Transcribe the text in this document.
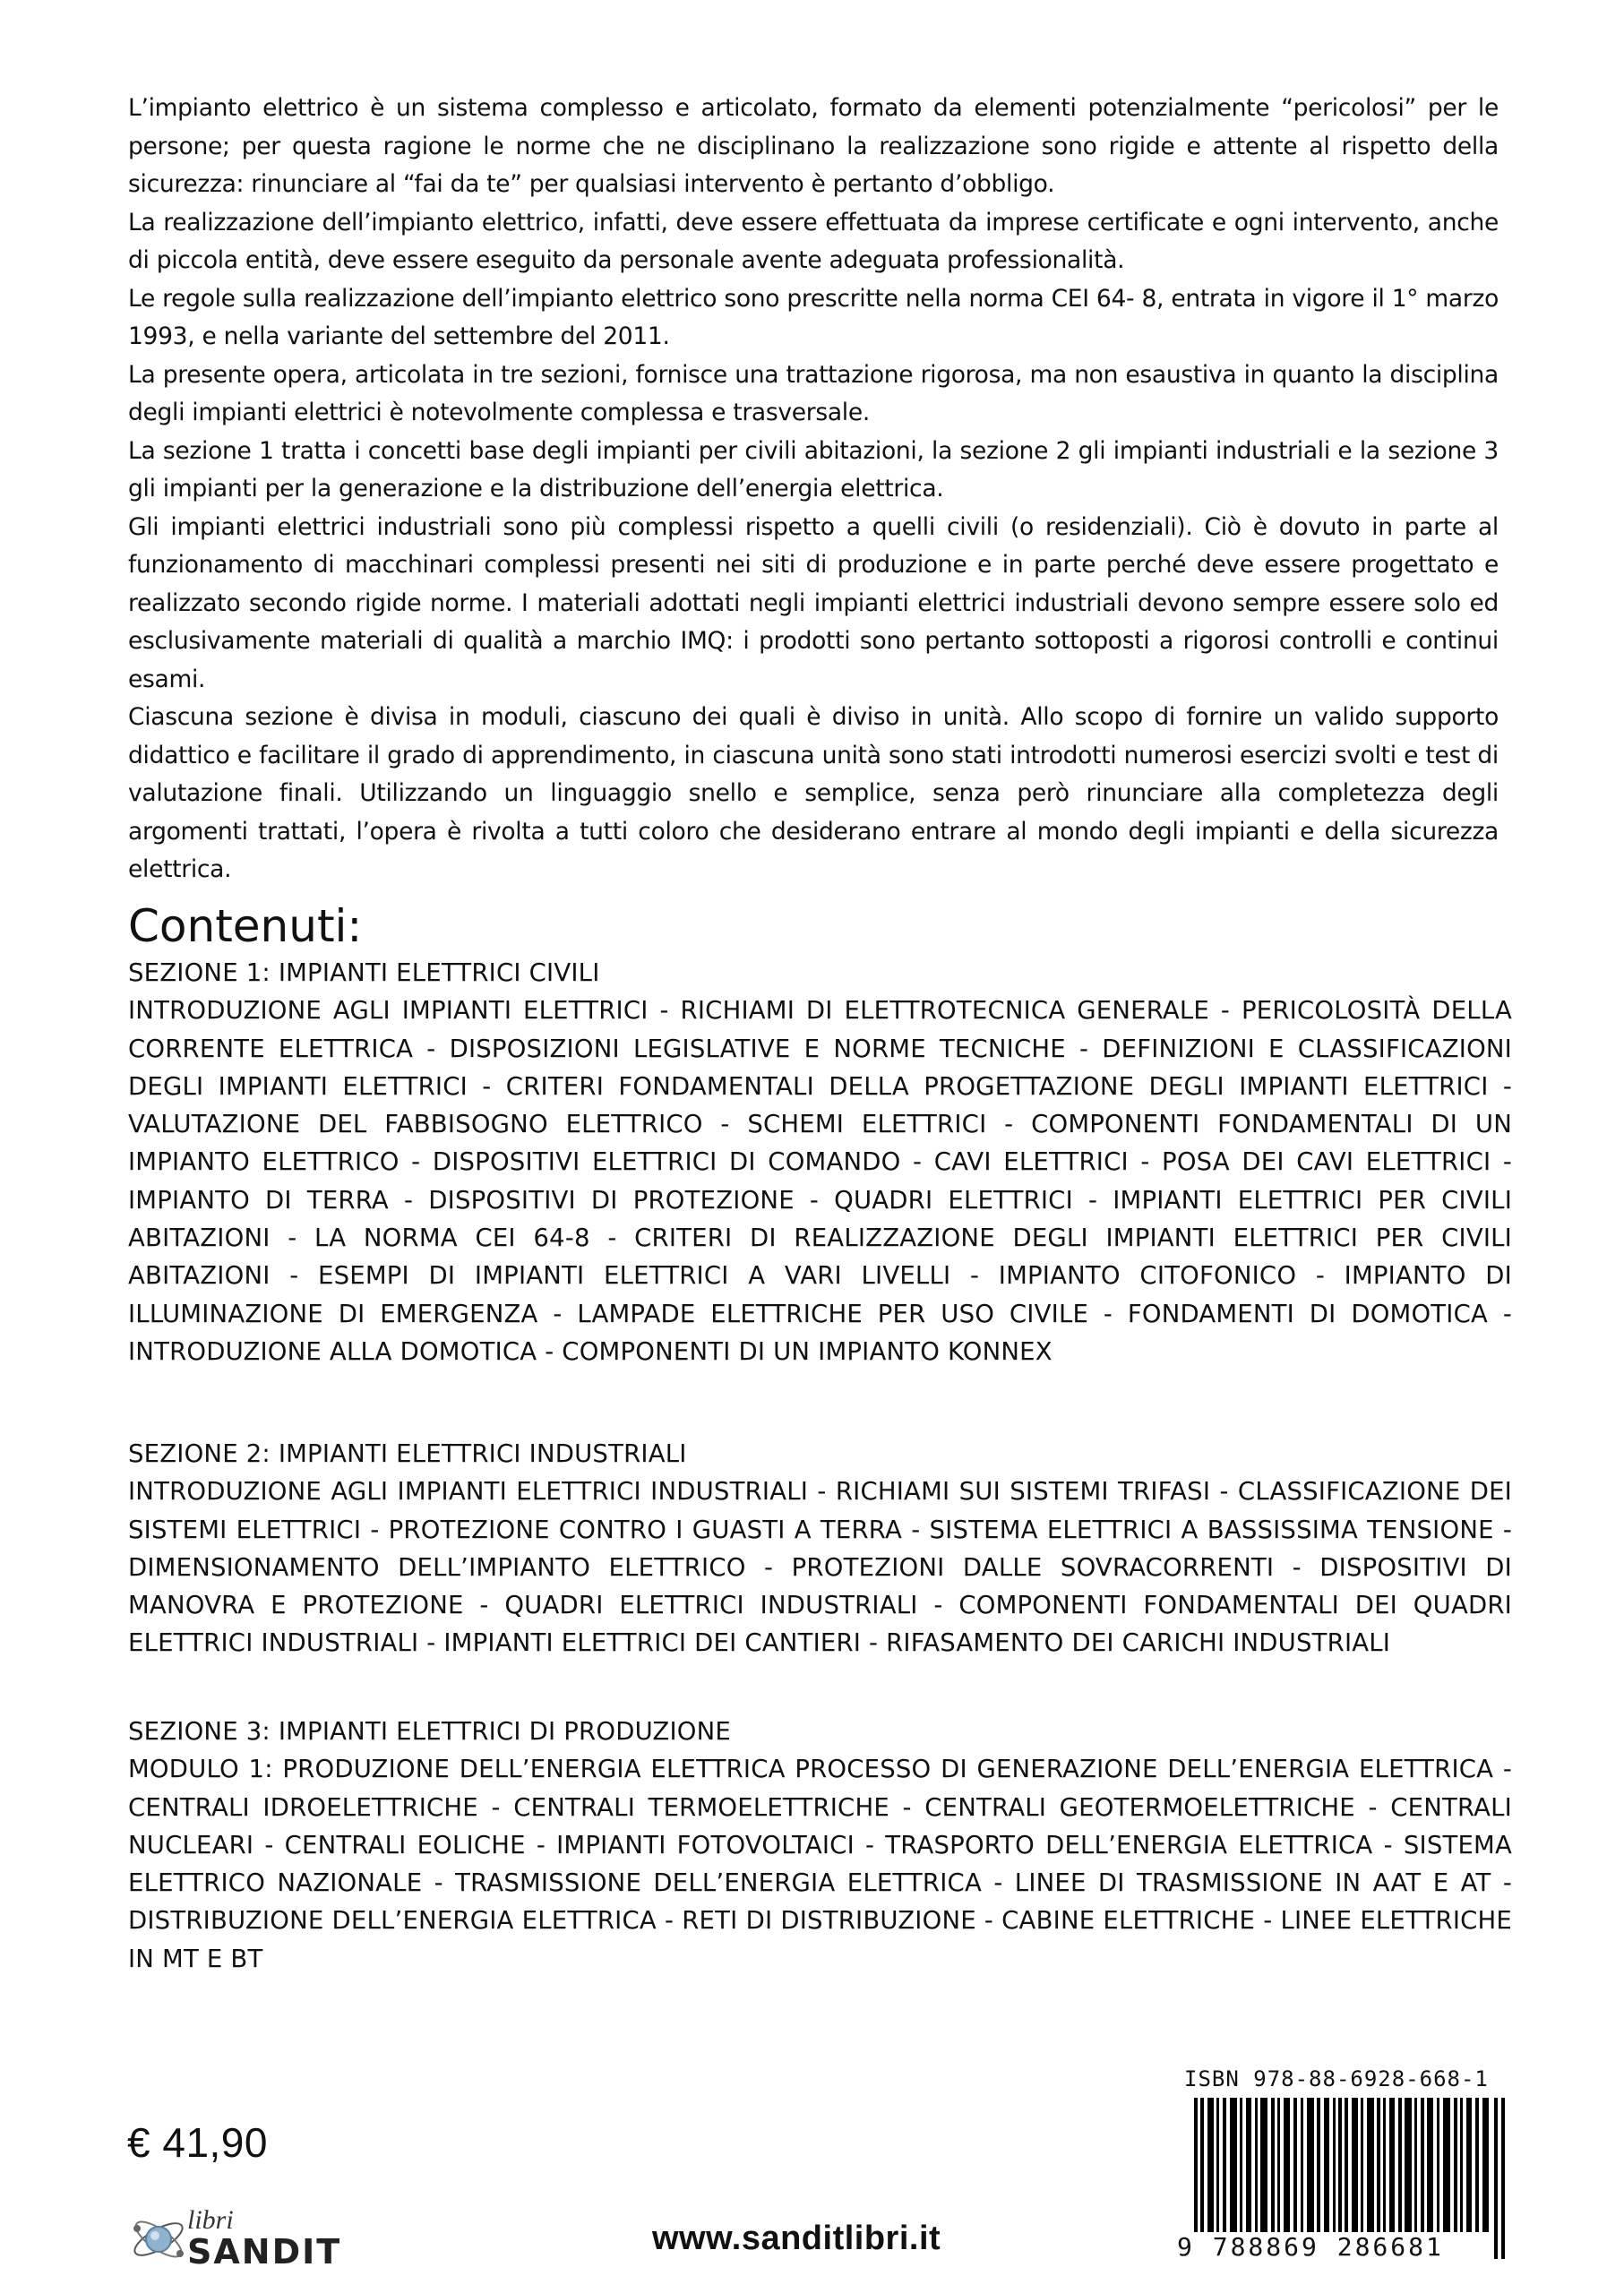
L’impianto elettrico è un sistema complesso e articolato, formato da elementi potenzialmente “pericolosi” per le persone; per questa ragione le norme che ne disciplinano la realizzazione sono rigide e attente al rispetto della sicurezza: rinunciare al “fai da te” per qualsiasi intervento è pertanto d’obbligo.

La realizzazione dell’impianto elettrico, infatti, deve essere effettuata da imprese certificate e ogni intervento, anche di piccola entità, deve essere eseguito da personale avente adeguata professionalità.

Le regole sulla realizzazione dell’impianto elettrico sono prescritte nella norma CEI 64- 8, entrata in vigore il 1° marzo 1993, e nella variante del settembre del 2011.

La presente opera, articolata in tre sezioni, fornisce una trattazione rigorosa, ma non esaustiva in quanto la disciplina degli impianti elettrici è notevolmente complessa e trasversale.

La sezione 1 tratta i concetti base degli impianti per civili abitazioni, la sezione 2 gli impianti industriali e la sezione 3 gli impianti per la generazione e la distribuzione dell’energia elettrica.

Gli impianti elettrici industriali sono più complessi rispetto a quelli civili (o residenziali). Ciò è dovuto in parte al funzionamento di macchinari complessi presenti nei siti di produzione e in parte perché deve essere progettato e realizzato secondo rigide norme. I materiali adottati negli impianti elettrici industriali devono sempre essere solo ed esclusivamente materiali di qualità a marchio IMQ: i prodotti sono pertanto sottoposti a rigorosi controlli e continui esami.

Ciascuna sezione è divisa in moduli, ciascuno dei quali è diviso in unità. Allo scopo di fornire un valido supporto didattico e facilitare il grado di apprendimento, in ciascuna unità sono stati introdotti numerosi esercizi svolti e test di valutazione finali. Utilizzando un linguaggio snello e semplice, senza però rinunciare alla completezza degli argomenti trattati, l’opera è rivolta a tutti coloro che desiderano entrare al mondo degli impianti e della sicurezza elettrica.

Contenuti:
SEZIONE 1: IMPIANTI ELETTRICI CIVILI
INTRODUZIONE AGLI IMPIANTI ELETTRICI - RICHIAMI DI ELETTROTECNICA GENERALE - PERICOLOSITÀ DELLA CORRENTE ELETTRICA - DISPOSIZIONI LEGISLATIVE E NORME TECNICHE - DEFINIZIONI E CLASSIFICAZIONI DEGLI IMPIANTI ELETTRICI - CRITERI FONDAMENTALI DELLA PROGETTAZIONE DEGLI IMPIANTI ELETTRICI - VALUTAZIONE DEL FABBISOGNO ELETTRICO - SCHEMI ELETTRICI - COMPONENTI FONDAMENTALI DI UN IMPIANTO ELETTRICO - DISPOSITIVI ELETTRICI DI COMANDO - CAVI ELETTRICI - POSA DEI CAVI ELETTRICI - IMPIANTO DI TERRA - DISPOSITIVI DI PROTEZIONE - QUADRI ELETTRICI - IMPIANTI ELETTRICI PER CIVILI ABITAZIONI - LA NORMA CEI 64-8 - CRITERI DI REALIZZAZIONE DEGLI IMPIANTI ELETTRICI PER CIVILI ABITAZIONI - ESEMPI DI IMPIANTI ELETTRICI A VARI LIVELLI - IMPIANTO CITOFONICO - IMPIANTO DI ILLUMINAZIONE DI EMERGENZA - LAMPADE ELETTRICHE PER USO CIVILE - FONDAMENTI DI DOMOTICA - INTRODUZIONE ALLA DOMOTICA - COMPONENTI DI UN IMPIANTO KONNEX
SEZIONE 2: IMPIANTI ELETTRICI INDUSTRIALI
INTRODUZIONE AGLI IMPIANTI ELETTRICI INDUSTRIALI - RICHIAMI SUI SISTEMI TRIFASI - CLASSIFICAZIONE DEI SISTEMI ELETTRICI - PROTEZIONE CONTRO I GUASTI A TERRA - SISTEMA ELETTRICI A BASSISSIMA TENSIONE - DIMENSIONAMENTO DELL’IMPIANTO ELETTRICO - PROTEZIONI DALLE SOVRACORRENTI - DISPOSITIVI DI MANOVRA E PROTEZIONE - QUADRI ELETTRICI INDUSTRIALI - COMPONENTI FONDAMENTALI DEI QUADRI ELETTRICI INDUSTRIALI - IMPIANTI ELETTRICI DEI CANTIERI - RIFASAMENTO DEI CARICHI INDUSTRIALI
SEZIONE 3: IMPIANTI ELETTRICI DI PRODUZIONE
MODULO 1: PRODUZIONE DELL’ENERGIA ELETTRICA PROCESSO DI GENERAZIONE DELL’ENERGIA ELETTRICA - CENTRALI IDROELETTRICHE - CENTRALI TERMOELETTRICHE - CENTRALI GEOTERMOELETTRICHE - CENTRALI NUCLEARI - CENTRALI EOLICHE - IMPIANTI FOTOVOLTAICI - TRASPORTO DELL’ENERGIA ELETTRICA - SISTEMA ELETTRICO NAZIONALE - TRASMISSIONE DELL’ENERGIA ELETTRICA - LINEE DI TRASMISSIONE IN AAT E AT - DISTRIBUZIONE DELL’ENERGIA ELETTRICA - RETI DI DISTRIBUZIONE - CABINE ELETTRICHE - LINEE ELETTRICHE IN MT E BT
ISBN 978-88-6928-668-1
9 788869 286681
€ 41,90
libri
SANDIT	www.sanditlibri.it
